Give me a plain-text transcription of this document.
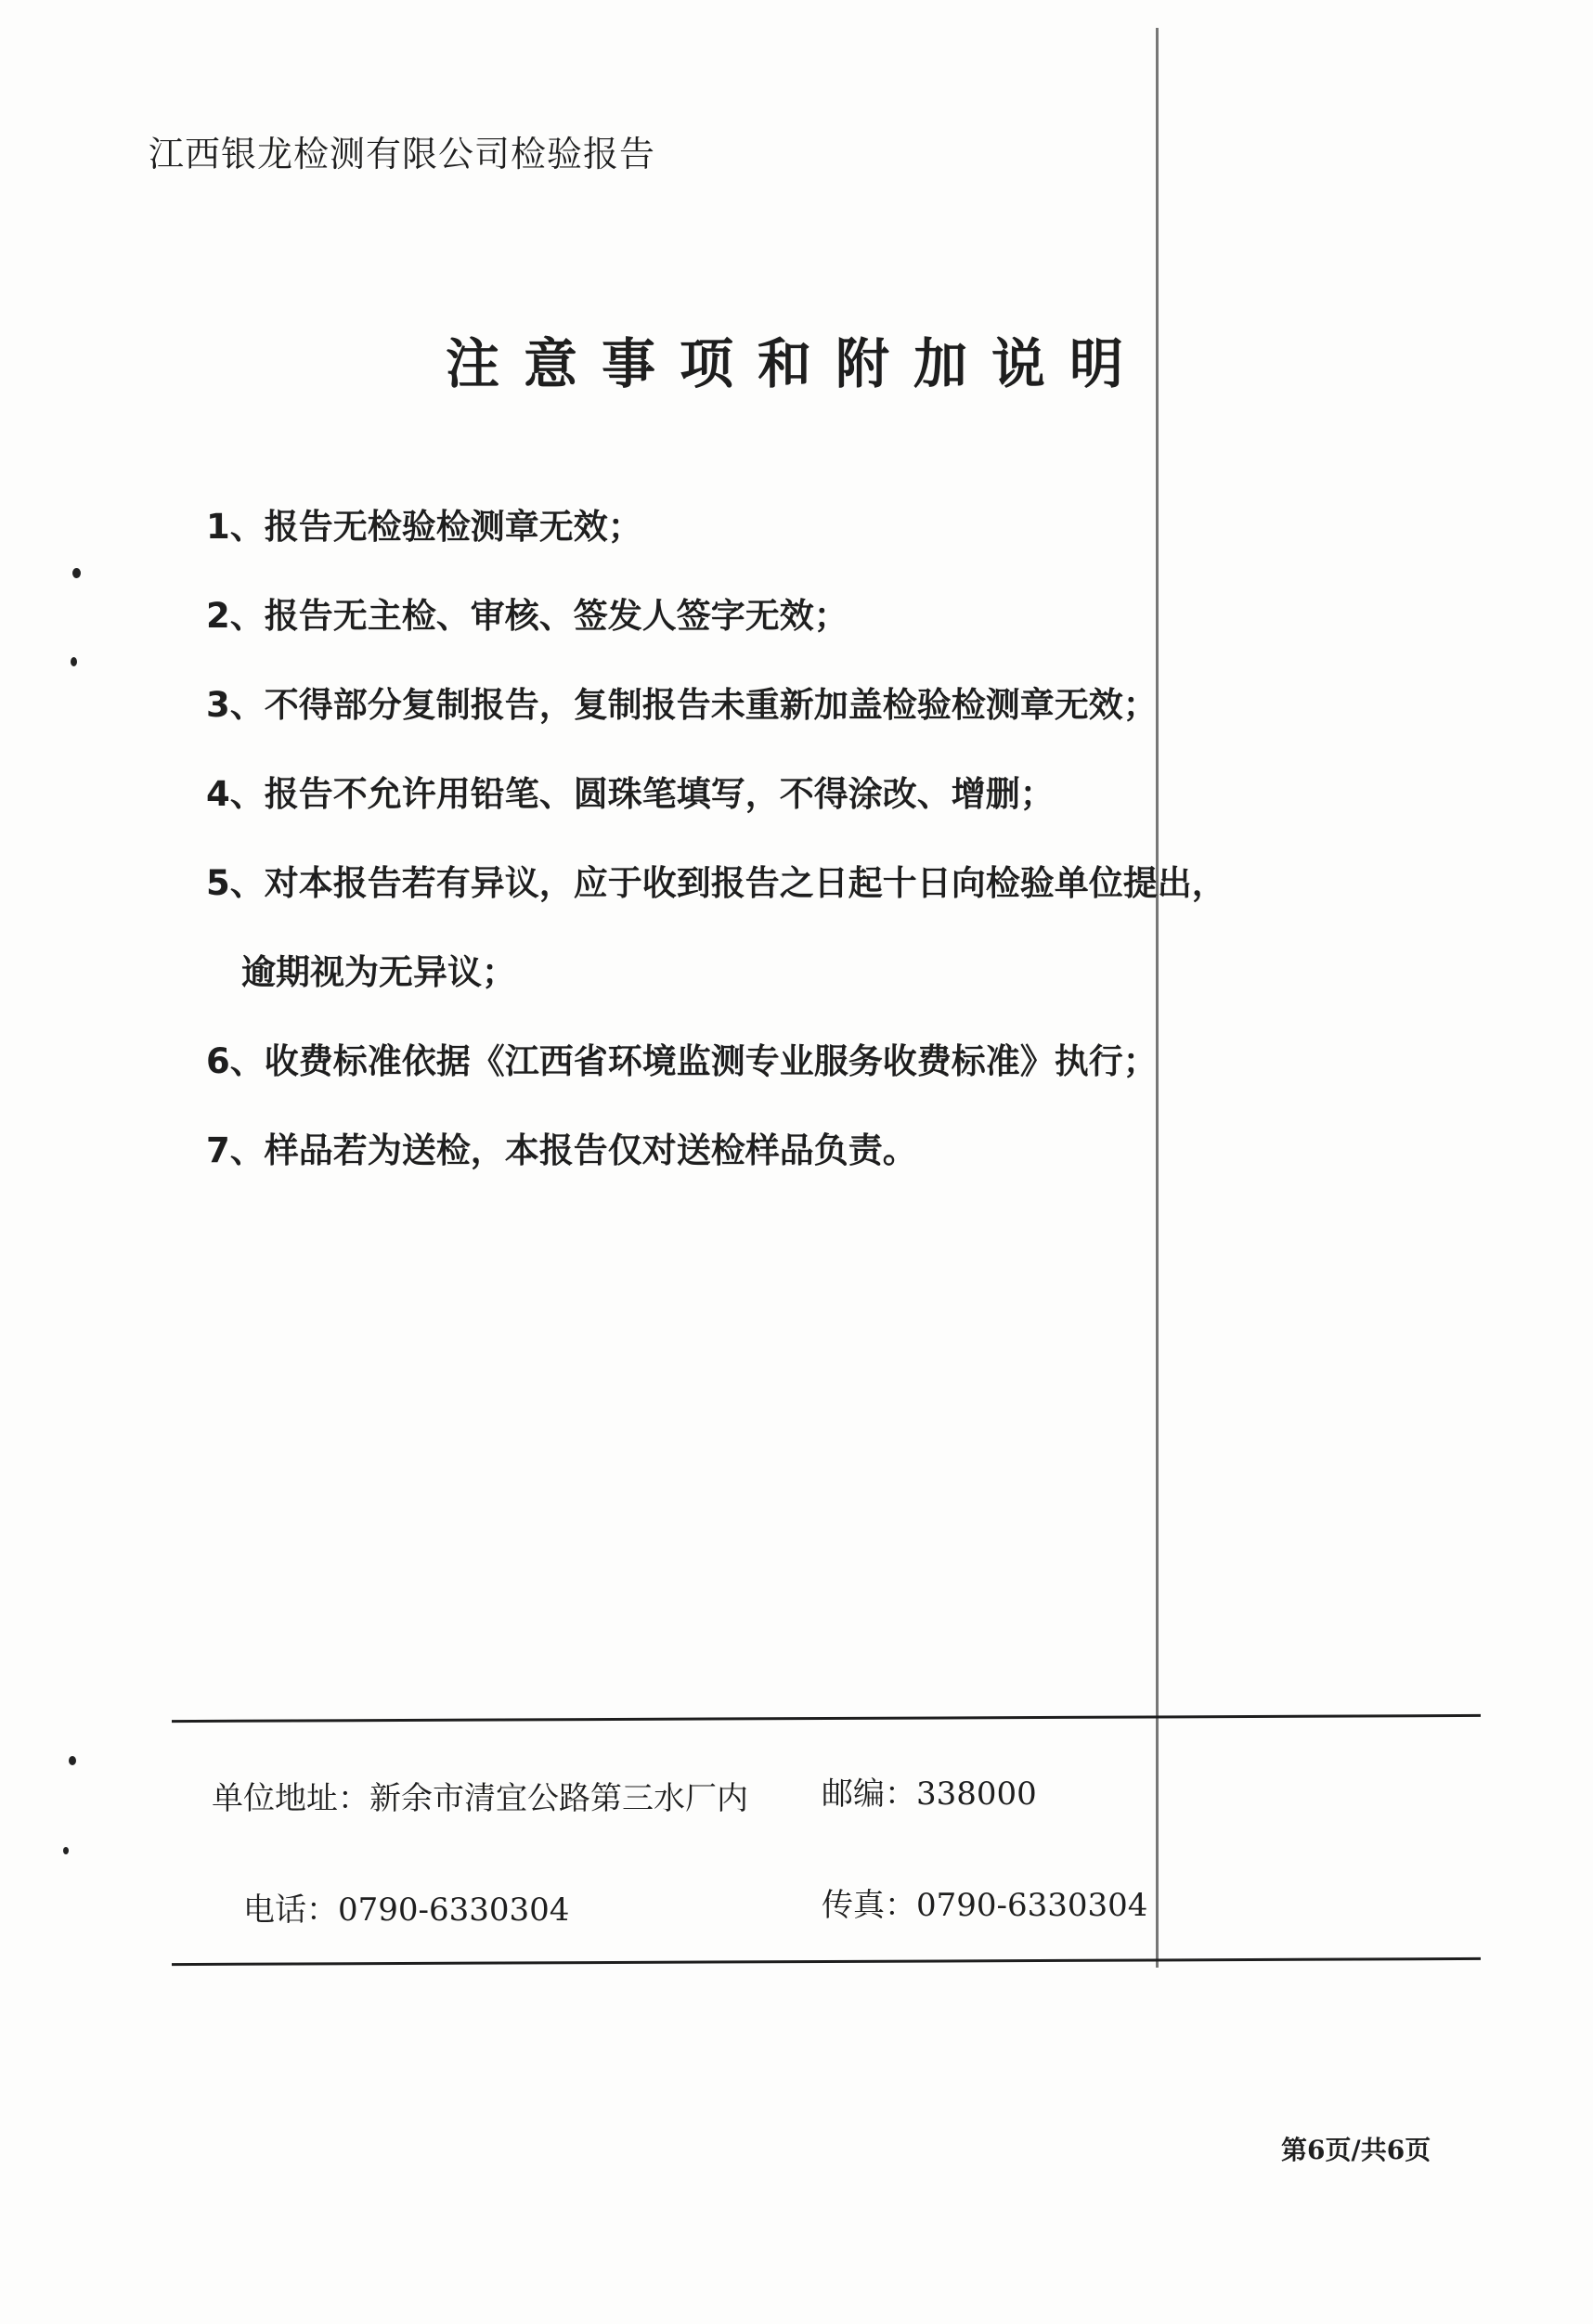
江西银龙检测有限公司检验报告
注意事项和附加说明
1、报告无检验检测章无效；
2、报告无主检、审核、签发人签字无效；
3、不得部分复制报告，复制报告未重新加盖检验检测章无效；
4、报告不允许用铅笔、圆珠笔填写，不得涂改、增删；
5、对本报告若有异议，应于收到报告之日起十日向检验单位提出，
逾期视为无异议；
6、收费标准依据《江西省环境监测专业服务收费标准》执行；
7、样品若为送检，本报告仅对送检样品负责。
单位地址：新余市清宜公路第三水厂内 邮编：338000
电话：0790-6330304	传真：0790-6330304
第6页/共6页
